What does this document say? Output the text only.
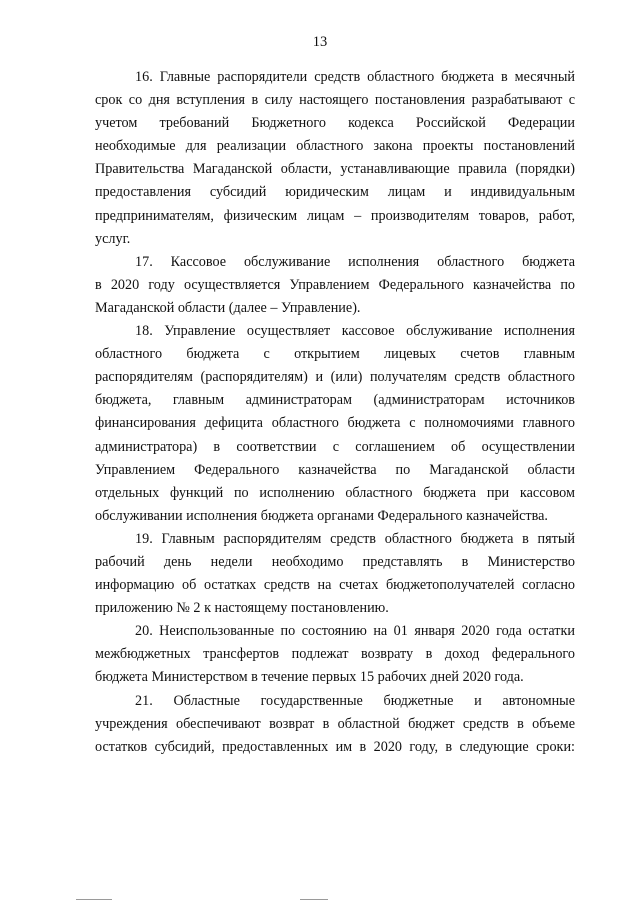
13

16. Главные распорядители средств областного бюджета в месячный
срок со дня вступления в силу настоящего постановления разрабатывают с
учетом требований Бюджетного кодекса Российской Федерации
необходимые для реализации областного закона проекты постановлений
Правительства Магаданской области, устанавливающие правила (порядки)
предоставления субсидий юридическим лицам и индивидуальным
предпринимателям, физическим лицам – производителям товаров, работ,
услуг.

17. Кассовое обслуживание исполнения областного бюджета
в 2020 году осуществляется Управлением Федерального казначейства по
Магаданской области (далее – Управление).

18. Управление осуществляет кассовое обслуживание исполнения
областного бюджета с открытием лицевых счетов главным
распорядителям (распорядителям) и (или) получателям средств областного
бюджета, главным администраторам (администраторам источников
финансирования дефицита областного бюджета с полномочиями главного
администратора) в соответствии с соглашением об осуществлении
Управлением Федерального казначейства по Магаданской области
отдельных функций по исполнению областного бюджета при кассовом
обслуживании исполнения бюджета органами Федерального казначейства.

19. Главным распорядителям средств областного бюджета в пятый
рабочий день недели необходимо представлять в Министерство
информацию об остатках средств на счетах бюджетополучателей согласно
приложению № 2 к настоящему постановлению.

20. Неиспользованные по состоянию на 01 января 2020 года остатки
межбюджетных трансфертов подлежат возврату в доход федерального
бюджета Министерством в течение первых 15 рабочих дней 2020 года.

21. Областные государственные бюджетные и автономные
учреждения обеспечивают возврат в областной бюджет средств в объеме
остатков субсидий, предоставленных им в 2020 году, в следующие сроки:
